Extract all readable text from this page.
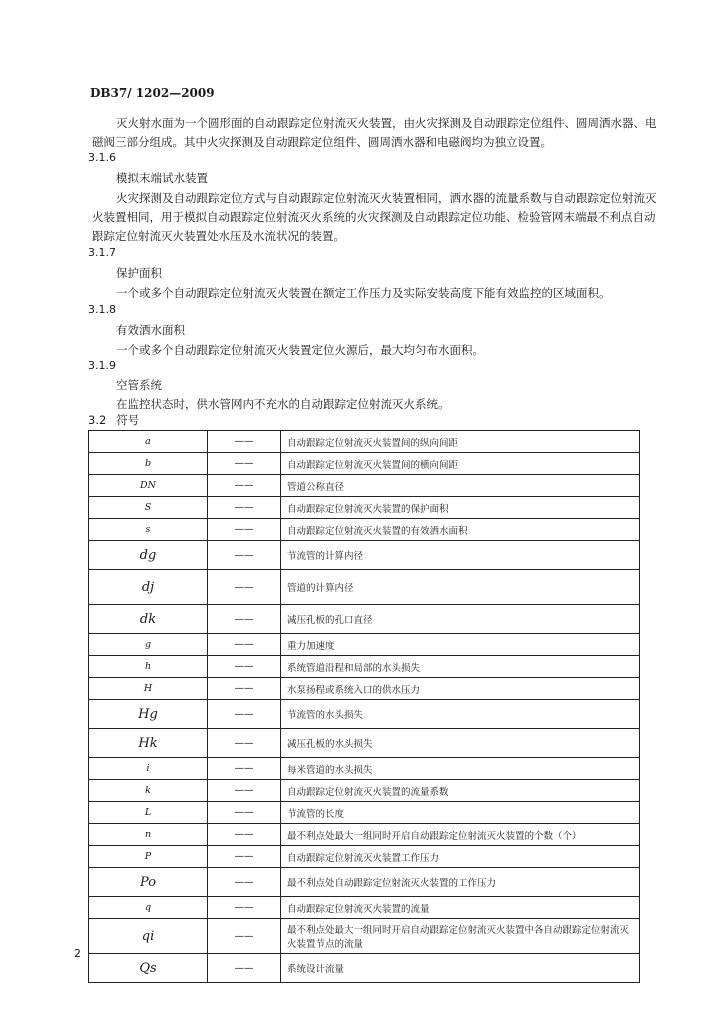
DB37/ 1202—2009
灭火射水面为一个圆形面的自动跟踪定位射流灭火装置，由火灾探测及自动跟踪定位组件、圆周洒水器、电磁阀三部分组成。其中火灾探测及自动跟踪定位组件、圆周洒水器和电磁阀均为独立设置。
3.1.6
模拟末端试水装置
火灾探测及自动跟踪定位方式与自动跟踪定位射流灭火装置相同，洒水器的流量系数与自动跟踪定位射流灭火装置相同，用于模拟自动跟踪定位射流灭火系统的火灾探测及自动跟踪定位功能、检验管网末端最不利点自动跟踪定位射流灭火装置处水压及水流状况的装置。
3.1.7
保护面积
一个或多个自动跟踪定位射流灭火装置在额定工作压力及实际安装高度下能有效监控的区域面积。
3.1.8
有效洒水面积
一个或多个自动跟踪定位射流灭火装置定位火源后，最大均匀布水面积。
3.1.9
空管系统
在监控状态时，供水管网内不充水的自动跟踪定位射流灭火系统。
3.2 符号
a	——	自动跟踪定位射流灭火装置间的纵向间距
b	——	自动跟踪定位射流灭火装置间的横向间距
DN	——	管道公称直径
S	——	自动跟踪定位射流灭火装置的保护面积
s	——	自动跟踪定位射流灭火装置的有效洒水面积
dg	——	节流管的计算内径
dj	——	管道的计算内径
dk	——	减压孔板的孔口直径
g	——	重力加速度
h	——	系统管道沿程和局部的水头损失
H	——	水泵扬程或系统入口的供水压力
Hg	——	节流管的水头损失
Hk	——	减压孔板的水头损失
i	——	每米管道的水头损失
k	——	自动跟踪定位射流灭火装置的流量系数
L	——	节流管的长度
n	——	最不利点处最大一组同时开启自动跟踪定位射流灭火装置的个数（个）
P	——	自动跟踪定位射流灭火装置工作压力
Po	——	最不利点处自动跟踪定位射流灭火装置的工作压力
q	——	自动跟踪定位射流灭火装置的流量
qi	——	最不利点处最大一组同时开启自动跟踪定位射流灭火装置中各自动跟踪定位射流灭火装置节点的流量
Qs	——	系统设计流量
2
